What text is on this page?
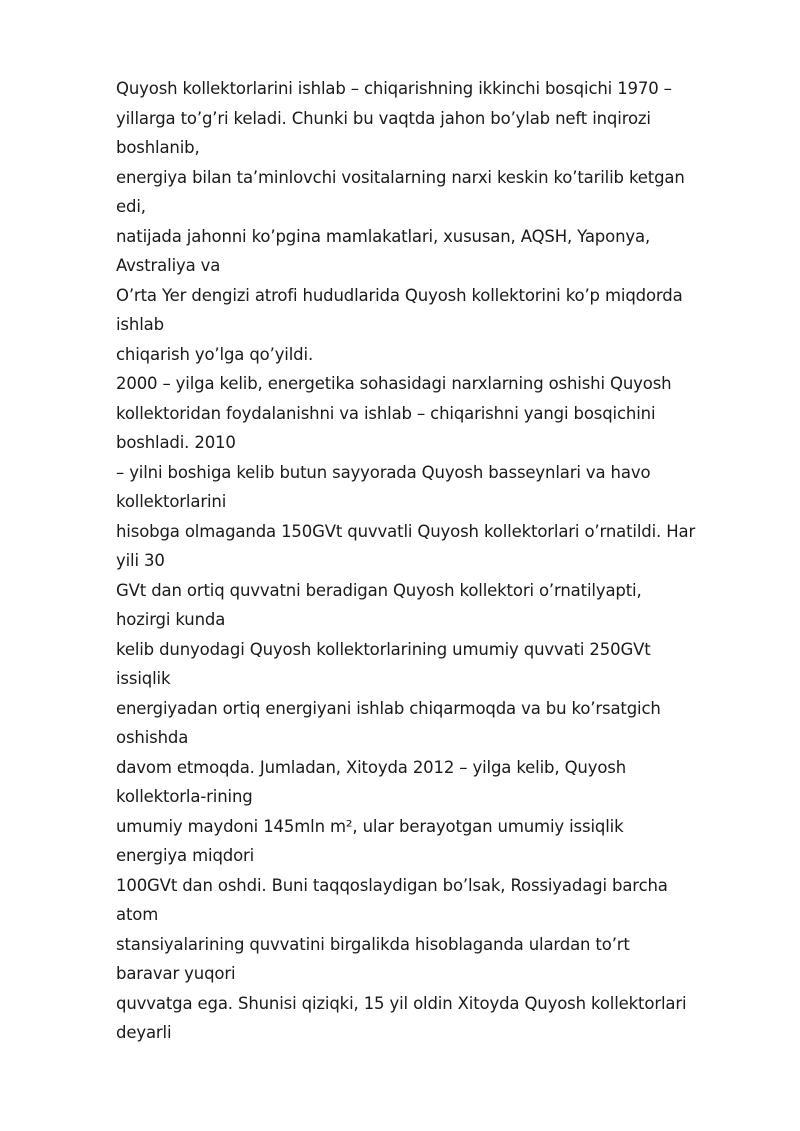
Quyosh kollektorlarini ishlab – chiqarishning ikkinchi bosqichi 1970 –
yillarga to’g’ri keladi. Chunki bu vaqtda jahon bo’ylab neft inqirozi
boshlanib,
energiya bilan ta’minlovchi vositalarning narxi keskin ko’tarilib ketgan
edi,
natijada jahonni ko’pgina mamlakatlari, xususan, AQSH, Yaponya,
Avstraliya va
O’rta Yer dengizi atrofi hududlarida Quyosh kollektorini ko’p miqdorda
ishlab
chiqarish yo’lga qo’yildi.
2000 – yilga kelib, energetika sohasidagi narxlarning oshishi Quyosh
kollektoridan foydalanishni va ishlab – chiqarishni yangi bosqichini
boshladi. 2010
– yilni boshiga kelib butun sayyorada Quyosh basseynlari va havo
kollektorlarini
hisobga olmaganda 150GVt quvvatli Quyosh kollektorlari o’rnatildi. Har
yili 30
GVt dan ortiq quvvatni beradigan Quyosh kollektori o’rnatilyapti,
hozirgi kunda
kelib dunyodagi Quyosh kollektorlarining umumiy quvvati 250GVt
issiqlik
energiyadan ortiq energiyani ishlab chiqarmoqda va bu ko’rsatgich
oshishda
davom etmoqda. Jumladan, Xitoyda 2012 – yilga kelib, Quyosh
kollektorla-rining
umumiy maydoni 145mln m², ular berayotgan umumiy issiqlik
energiya miqdori
100GVt dan oshdi. Buni taqqoslaydigan bo’lsak, Rossiyadagi barcha
atom
stansiyalarining quvvatini birgalikda hisoblaganda ulardan to’rt
baravar yuqori
quvvatga ega. Shunisi qiziqki, 15 yil oldin Xitoyda Quyosh kollektorlari
deyarli
